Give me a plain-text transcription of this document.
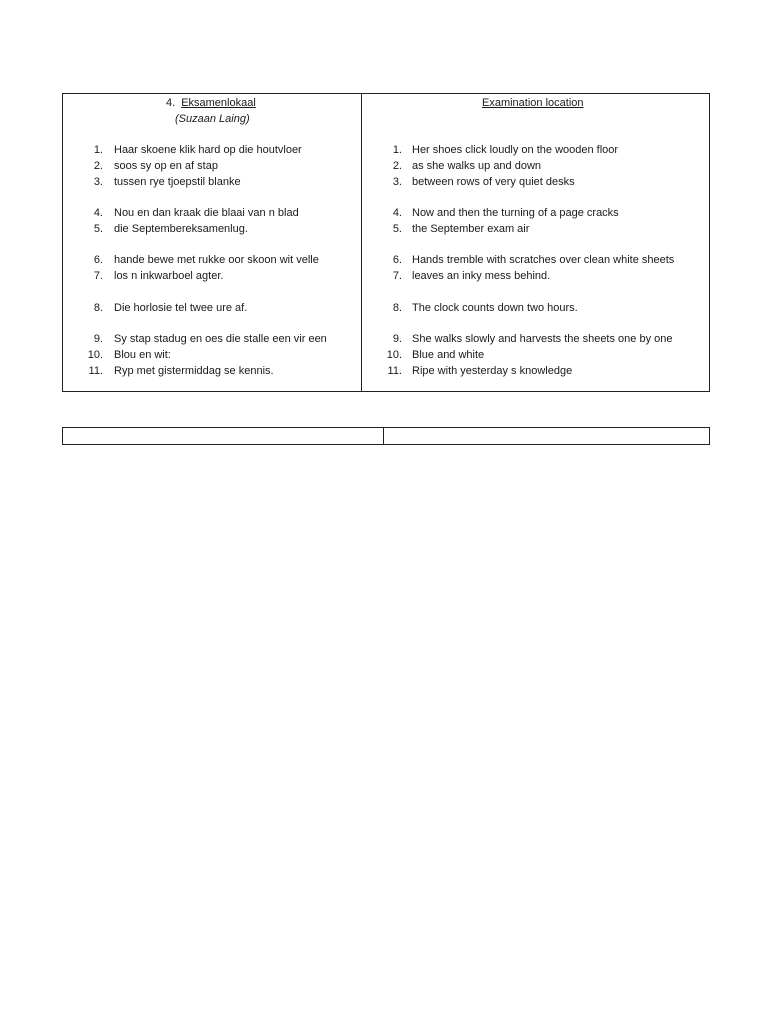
4. Eksamenlokaal
(Suzaan Laing)
1. Haar skoene klik hard op die houtvloer
2. soos sy op en af stap
3. tussen rye tjoepstil blanke
4. Nou en dan kraak die blaai van n blad
5. die Septembereksamenlug.
6. hande bewe met rukke oor skoon wit velle
7. los n inkwarboel agter.
8. Die horlosie tel twee ure af.
9. Sy stap stadug en oes die stalle een vir een
10. Blou en wit:
11. Ryp met gistermiddag se kennis.
Examination location
1. Her shoes click loudly on the wooden floor
2. as she walks up and down
3. between rows of very quiet desks
4. Now and then the turning of a page cracks
5. the September exam air
6. Hands tremble with scratches over clean white sheets
7. leaves an inky mess behind.
8. The clock counts down two hours.
9. She walks slowly and harvests the sheets one by one
10. Blue and white
11. Ripe with yesterday s knowledge
